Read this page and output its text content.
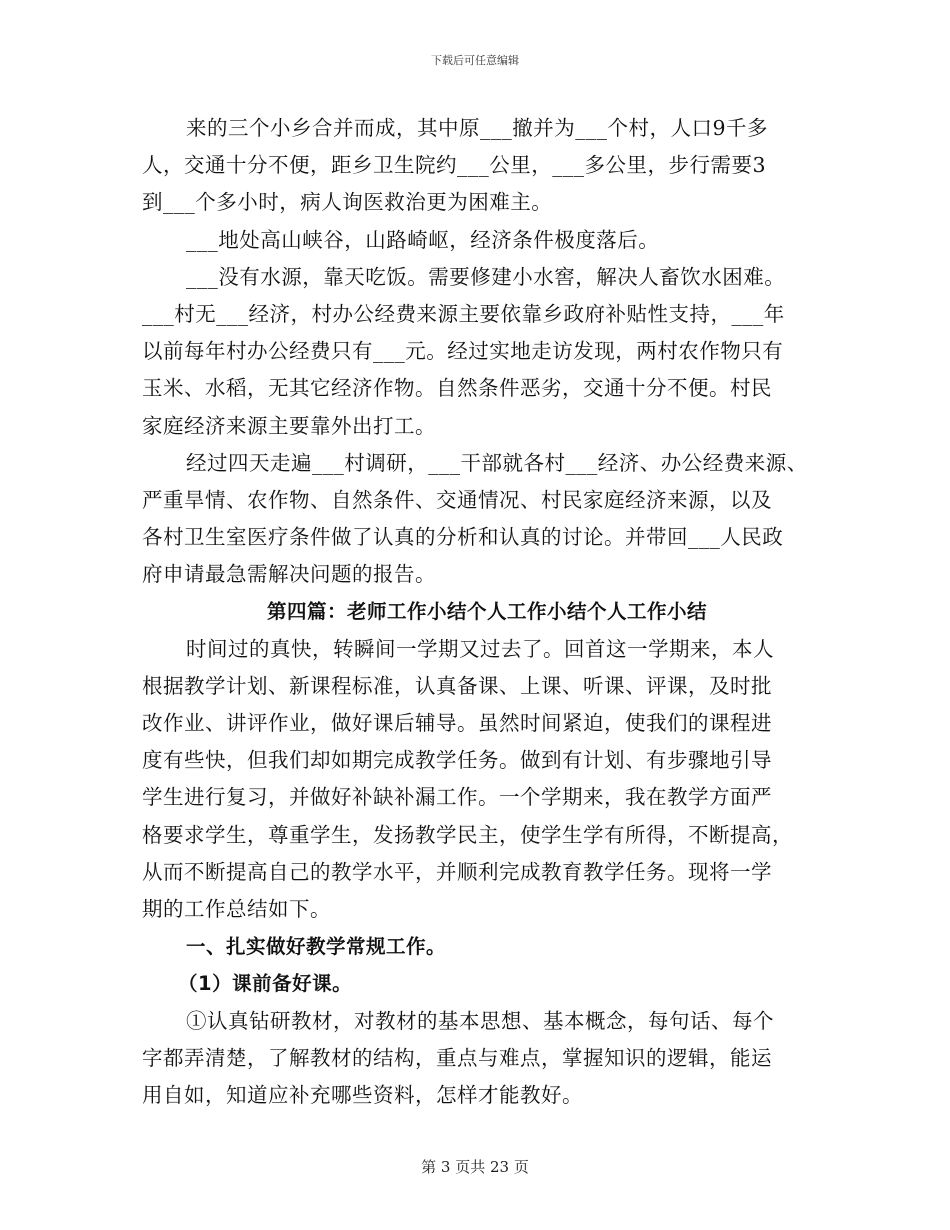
下载后可任意编辑
来的三个小乡合并而成，其中原___撤并为___个村，人口9千多
人，交通十分不便，距乡卫生院约___公里，___多公里，步行需要3
到___个多小时，病人询医救治更为困难主。
___地处高山峡谷，山路崎岖，经济条件极度落后。
___没有水源，靠天吃饭。需要修建小水窖，解决人畜饮水困难。
___村无___经济，村办公经费来源主要依靠乡政府补贴性支持，___年
以前每年村办公经费只有___元。经过实地走访发现，两村农作物只有
玉米、水稻，无其它经济作物。自然条件恶劣，交通十分不便。村民
家庭经济来源主要靠外出打工。
经过四天走遍___村调研，___干部就各村___经济、办公经费来源、
严重旱情、农作物、自然条件、交通情况、村民家庭经济来源，以及
各村卫生室医疗条件做了认真的分析和认真的讨论。并带回___人民政
府申请最急需解决问题的报告。
第四篇：老师工作小结个人工作小结个人工作小结
时间过的真快，转瞬间一学期又过去了。回首这一学期来，本人
根据教学计划、新课程标准，认真备课、上课、听课、评课，及时批
改作业、讲评作业，做好课后辅导。虽然时间紧迫，使我们的课程进
度有些快，但我们却如期完成教学任务。做到有计划、有步骤地引导
学生进行复习，并做好补缺补漏工作。一个学期来，我在教学方面严
格要求学生，尊重学生，发扬教学民主，使学生学有所得，不断提高，
从而不断提高自己的教学水平，并顺利完成教育教学任务。现将一学
期的工作总结如下。
一、扎实做好教学常规工作。
（1）课前备好课。
①认真钻研教材，对教材的基本思想、基本概念，每句话、每个
字都弄清楚，了解教材的结构，重点与难点，掌握知识的逻辑，能运
用自如，知道应补充哪些资料，怎样才能教好。
第 3 页共 23 页
